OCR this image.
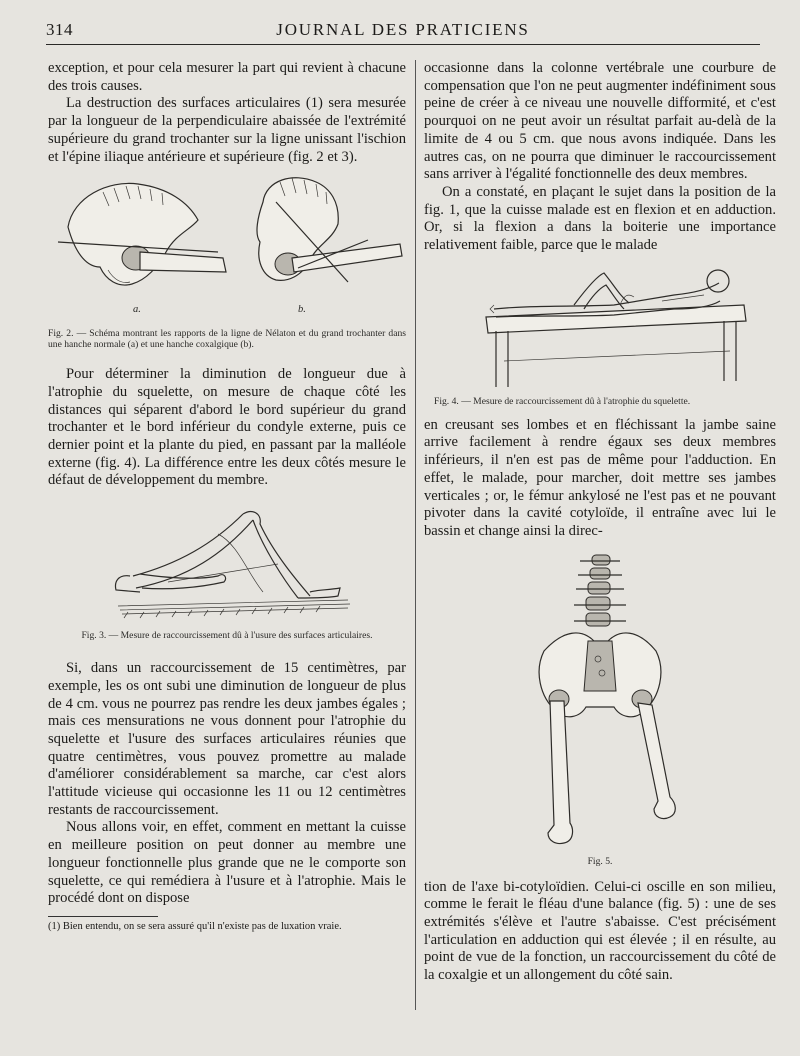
314	JOURNAL DES PRATICIENS

exception, et pour cela mesurer la part qui revient à chacune des trois causes.

La destruction des surfaces articulaires (1) sera mesurée par la longueur de la perpendiculaire abaissée de l'extrémité supérieure du grand trochanter sur la ligne unissant l'ischion et l'épine iliaque antérieure et supérieure (fig. 2 et 3).

a.	b.
Fig. 2. — Schéma montrant les rapports de la ligne de Nélaton et du grand trochanter dans une hanche normale (a) et une hanche coxalgique (b).

Pour déterminer la diminution de longueur due à l'atrophie du squelette, on mesure de chaque côté les distances qui séparent d'abord le bord supérieur du grand trochanter et le bord inférieur du condyle externe, puis ce dernier point et la plante du pied, en passant par la malléole externe (fig. 4). La différence entre les deux côtés mesure le défaut de développement du membre.

Fig. 3. — Mesure de raccourcissement dû à l'usure des surfaces articulaires.

Si, dans un raccourcissement de 15 centimètres, par exemple, les os ont subi une diminution de longueur de plus de 4 cm. vous ne pourrez pas rendre les deux jambes égales ; mais ces mensurations ne vous donnent pour l'atrophie du squelette et l'usure des surfaces articulaires réunies que quatre centimètres, vous pouvez promettre au malade d'améliorer considérablement sa marche, car c'est alors l'attitude vicieuse qui occasionne les 11 ou 12 centimètres restants de raccourcissement.

Nous allons voir, en effet, comment en mettant la cuisse en meilleure position on peut donner au membre une longueur fonctionnelle plus grande que ne le comporte son squelette, ce qui remédiera à l'usure et à l'atrophie. Mais le procédé dont on dispose

(1) Bien entendu, on se sera assuré qu'il n'existe pas de luxation vraie.

occasionne dans la colonne vertébrale une courbure de compensation que l'on ne peut augmenter indéfiniment sous peine de créer à ce niveau une nouvelle difformité, et c'est pourquoi on ne peut avoir un résultat parfait au-delà de la limite de 4 ou 5 cm. que nous avons indiquée. Dans les autres cas, on ne pourra que diminuer le raccourcissement sans arriver à l'égalité fonctionnelle des deux membres.

On a constaté, en plaçant le sujet dans la position de la fig. 1, que la cuisse malade est en flexion et en adduction. Or, si la flexion a dans la boiterie une importance relativement faible, parce que le malade

Fig. 4. — Mesure de raccourcissement dû à l'atrophie du squelette.

en creusant ses lombes et en fléchissant la jambe saine arrive facilement à rendre égaux ses deux membres inférieurs, il n'en est pas de même pour l'adduction. En effet, le malade, pour marcher, doit mettre ses jambes verticales ; or, le fémur ankylosé ne l'est pas et ne pouvant pivoter dans la cavité cotyloïde, il entraîne avec lui le bassin et change ainsi la direc-

Fig. 5.

tion de l'axe bi-cotyloïdien. Celui-ci oscille en son milieu, comme le ferait le fléau d'une balance (fig. 5) : une de ses extrémités s'élève et l'autre s'abaisse. C'est précisément l'articulation en adduction qui est élevée ; il en résulte, au point de vue de la fonction, un raccourcissement du côté de la coxalgie et un allongement du côté sain.
